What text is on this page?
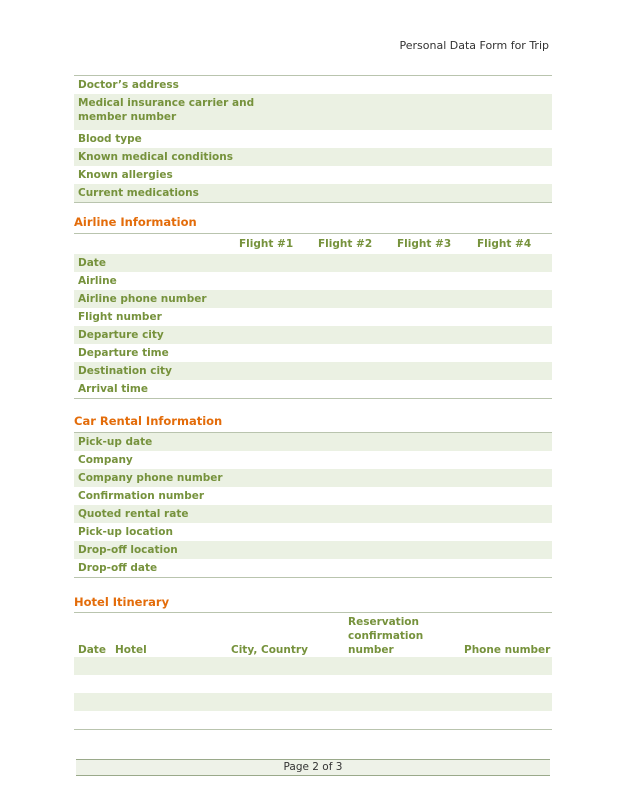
Personal Data Form for Trip
Doctor’s address
Medical insurance carrier and
member number
Blood type
Known medical conditions
Known allergies
Current medications
Airline Information
Flight #1 Flight #2 Flight #3 Flight #4
Date
Airline
Airline phone number
Flight number
Departure city
Departure time
Destination city
Arrival time
Car Rental Information
Pick-up date
Company
Company phone number
Confirmation number
Quoted rental rate
Pick-up location
Drop-off location
Drop-off date
Hotel Itinerary
Date Hotel	City, Country
Reservation
confirmation
number	Phone number
Page 2 of 3
